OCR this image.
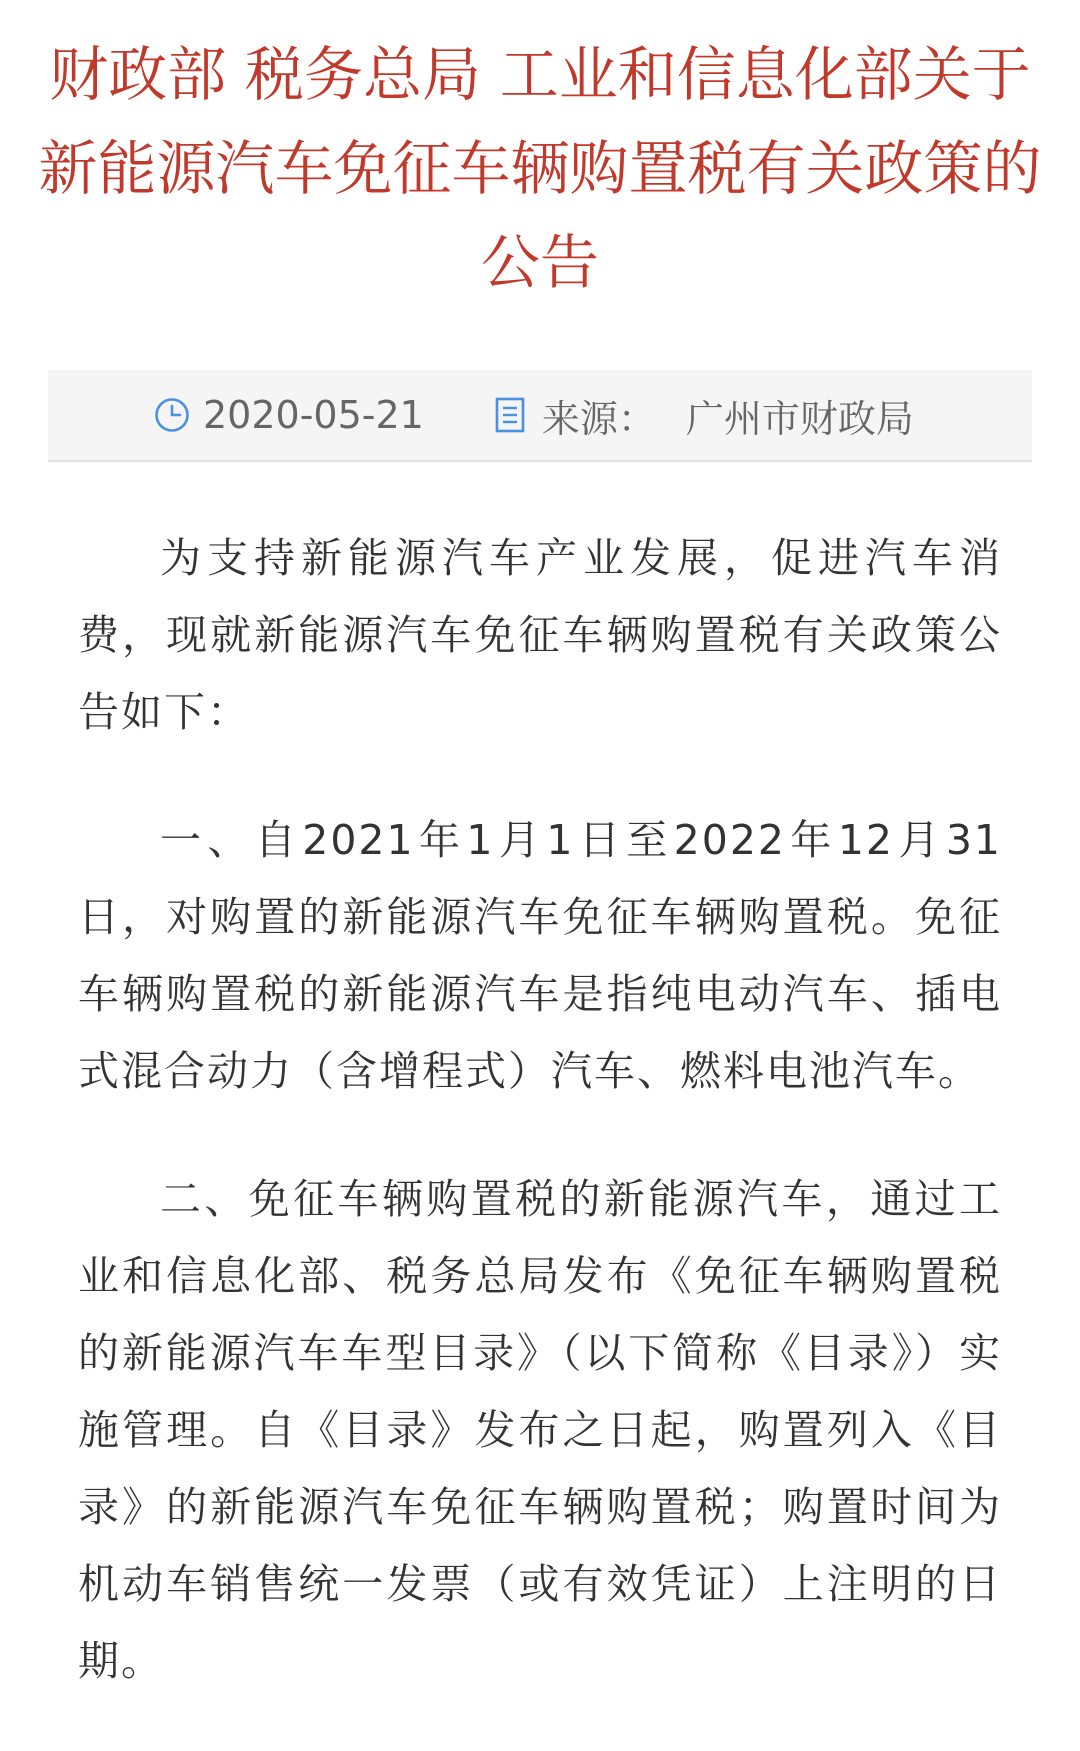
财政部 税务总局 工业和信息化部关于新能源汽车免征车辆购置税有关政策的公告
2020-05-21	来源： 广州市财政局

为支持新能源汽车产业发展，促进汽车消费，现就新能源汽车免征车辆购置税有关政策公告如下：

一、自2021年1月1日至2022年12月31日，对购置的新能源汽车免征车辆购置税。免征车辆购置税的新能源汽车是指纯电动汽车、插电式混合动力（含增程式）汽车、燃料电池汽车。

二、免征车辆购置税的新能源汽车，通过工业和信息化部、税务总局发布《免征车辆购置税的新能源汽车车型目录》（以下简称《目录》）实施管理。自《目录》发布之日起，购置列入《目录》的新能源汽车免征车辆购置税；购置时间为机动车销售统一发票（或有效凭证）上注明的日期。
